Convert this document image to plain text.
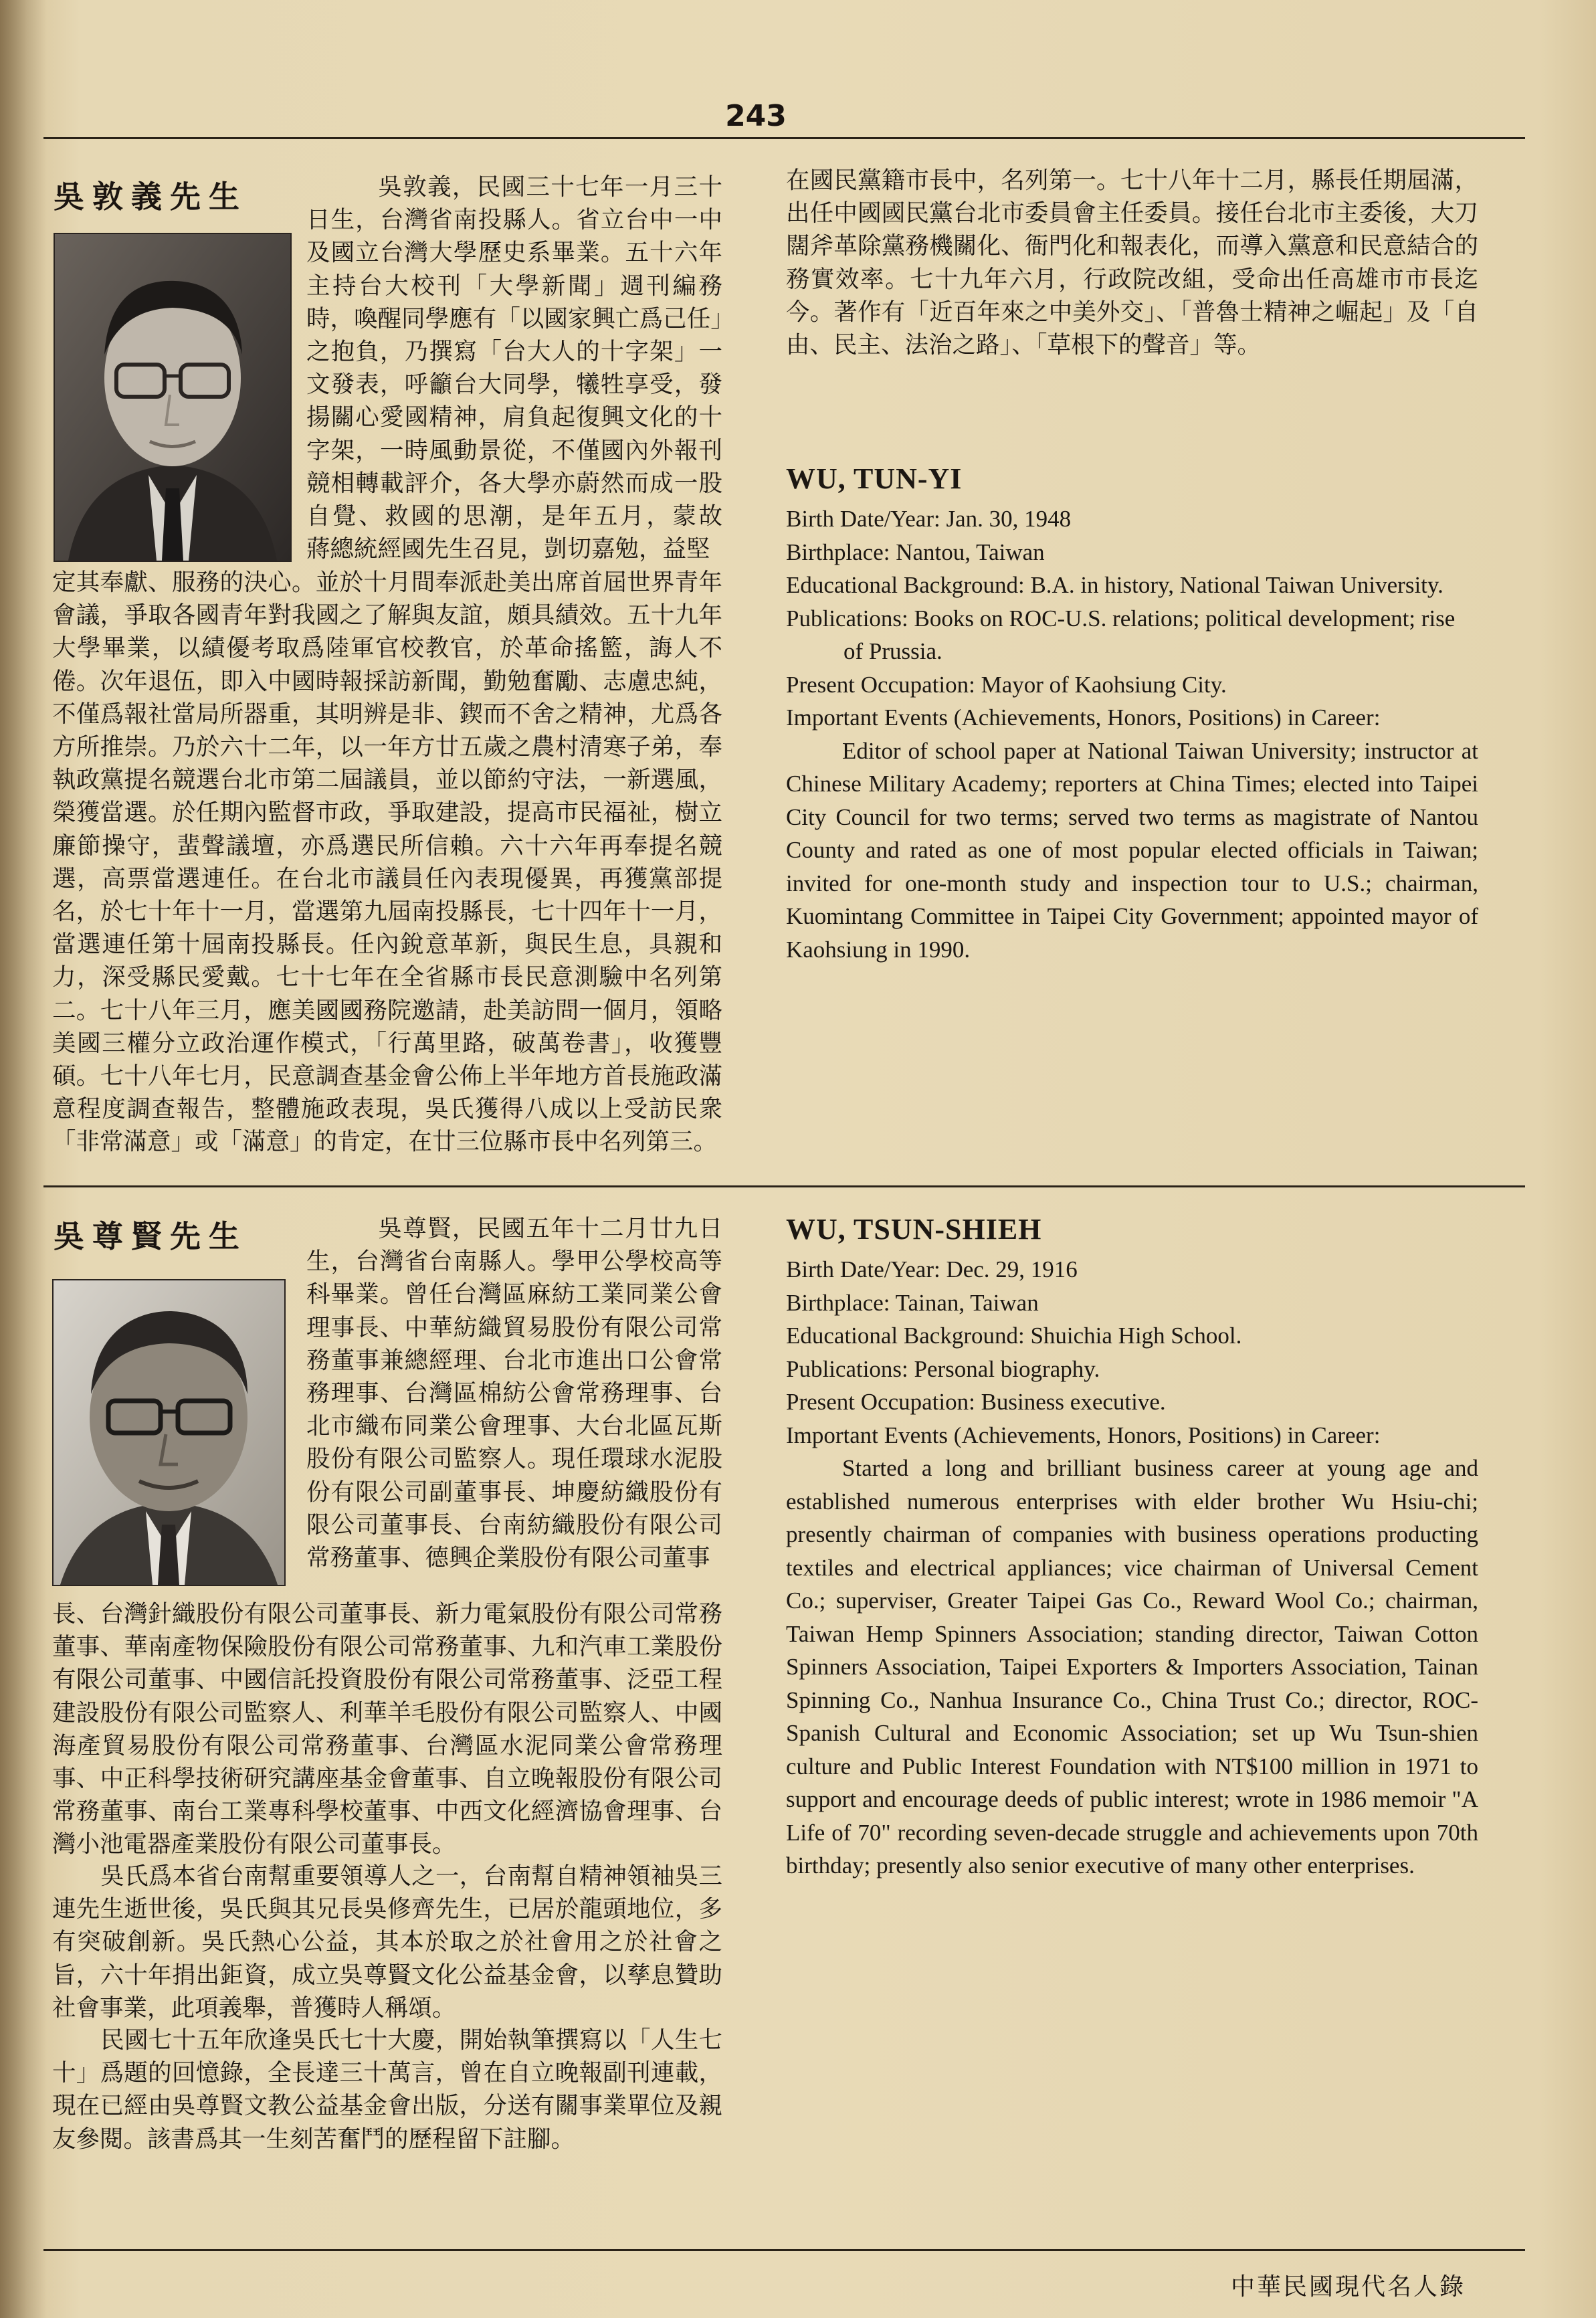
243
吳敦義先生	吳敦義，民國三十七年一月三十日生，台灣省南投縣人。省立台中一中及國立台灣大學歷史系畢業。五十六年主持台大校刊「大學新聞」週刊編務時，喚醒同學應有「以國家興亡爲己任」之抱負，乃撰寫「台大人的十字架」一文發表，呼籲台大同學，犧牲享受，發揚關心愛國精神，肩負起復興文化的十字架，一時風動景從，不僅國內外報刊競相轉載評介，各大學亦蔚然而成一股自覺、救國的思潮，是年五月，蒙故　蔣總統經國先生召見，剴切嘉勉，益堅
WU, TUN-YI
Birth Date/Year: Jan. 30, 1948
Birthplace: Nantou, Taiwan
Educational Background: B.A. in history, National Taiwan University.
Publications: Books on ROC-U.S. relations; political development; rise of Prussia.
Present Occupation: Mayor of Kaohsiung City.
Important Events (Achievements, Honors, Positions) in Career:
Editor of school paper at National Taiwan University; instructor at Chinese Military Academy; reporters at China Times; elected into Taipei City Council for two terms; served two terms as magistrate of Nantou County and rated as one of most popular elected officials in Taiwan; invited for one-month study and inspection tour to U.S.; chairman, Kuomintang Committee in Taipei City Government; appointed mayor of Kaohsiung in 1990.
吳尊賢先生	吳尊賢，民國五年十二月廿九日生，台灣省台南縣人。學甲公學校高等科畢業。曾任台灣區麻紡工業同業公會理事長、中華紡織貿易股份有限公司常務董事兼總經理、台北市進出口公會常務理事、台灣區棉紡公會常務理事、台北市織布同業公會理事、大台北區瓦斯股份有限公司監察人。現任環球水泥股份有限公司副董事長、坤慶紡織股份有限公司董事長、台南紡織股份有限公司常務董事、德興企業股份有限公司董事
長、台灣針織股份有限公司董事長、新力電氣股份有限公司常務董事、華南產物保險股份有限公司常務董事、九和汽車工業股份有限公司董事、中國信託投資股份有限公司常務董事、泛亞工程建設股份有限公司監察人、利華羊毛股份有限公司監察人、中國海產貿易股份有限公司常務董事、台灣區水泥同業公會常務理事、中正科學技術研究講座基金會董事、自立晚報股份有限公司常務董事、南台工業專科學校董事、中西文化經濟協會理事、台灣小池電器產業股份有限公司董事長。
吳氏爲本省台南幫重要領導人之一，台南幫自精神領袖吳三連先生逝世後，吳氏與其兄長吳修齊先生，已居於龍頭地位，多有突破創新。吳氏熱心公益，其本於取之於社會用之於社會之旨，六十年捐出鉅資，成立吳尊賢文化公益基金會，以孳息贊助社會事業，此項義舉，普獲時人稱頌。
民國七十五年欣逢吳氏七十大慶，開始執筆撰寫以「人生七十」爲題的回憶錄，全長達三十萬言，曾在自立晚報副刊連載，現在已經由吳尊賢文教公益基金會出版，分送有關事業單位及親友參閱。該書爲其一生刻苦奮鬥的歷程留下註腳。
WU, TSUN-SHIEH
Birth Date/Year: Dec. 29, 1916
Birthplace: Tainan, Taiwan
Educational Background: Shuichia High School.
Publications: Personal biography.
Present Occupation: Business executive.
Important Events (Achievements, Honors, Positions) in Career:
Started a long and brilliant business career at young age and established numerous enterprises with elder brother Wu Hsiu-chi; presently chairman of companies with business operations producting textiles and electrical appliances; vice chairman of Universal Cement Co.; superviser, Greater Taipei Gas Co., Reward Wool Co.; chairman, Taiwan Hemp Spinners Association; standing director, Taiwan Cotton Spinners Association, Taipei Exporters & Importers Association, Tainan Spinning Co., Nanhua Insurance Co., China Trust Co.; director, ROC-Spanish Cultural and Economic Association; set up Wu Tsun-shien culture and Public Interest Foundation with NT$100 million in 1971 to support and encourage deeds of public interest; wrote in 1986 memoir "A Life of 70" recording seven-decade struggle and achievements upon 70th birthday; presently also senior executive of many other enterprises.
中華民國現代名人錄
定其奉獻、服務的決心。並於十月間奉派赴美出席首屆世界青年會議，爭取各國青年對我國之了解與友誼，頗具績效。五十九年大學畢業，以績優考取爲陸軍官校教官，於革命搖籃，誨人不倦。次年退伍，即入中國時報採訪新聞，勤勉奮勵、志慮忠純，不僅爲報社當局所器重，其明辨是非、鍥而不舍之精神，尤爲各方所推崇。乃於六十二年，以一年方廿五歲之農村清寒子弟，奉執政黨提名競選台北市第二屆議員，並以節約守法，一新選風，榮獲當選。於任期內監督市政，爭取建設，提高市民福祉，樹立廉節操守，蜚聲議壇，亦爲選民所信賴。六十六年再奉提名競選，高票當選連任。在台北市議員任內表現優異，再獲黨部提名，於七十年十一月，當選第九屆南投縣長，七十四年十一月，當選連任第十屆南投縣長。任內銳意革新，與民生息，具親和力，深受縣民愛戴。七十七年在全省縣市長民意測驗中名列第二。七十八年三月，應美國國務院邀請，赴美訪問一個月，領略美國三權分立政治運作模式，「行萬里路，破萬卷書」，收獲豐碩。七十八年七月，民意調查基金會公佈上半年地方首長施政滿意程度調查報告，整體施政表現，吳氏獲得八成以上受訪民衆「非常滿意」或「滿意」的肯定，在廿三位縣市長中名列第三。
在國民黨籍市長中，名列第一。七十八年十二月，縣長任期屆滿，出任中國國民黨台北市委員會主任委員。接任台北市主委後，大刀闊斧革除黨務機關化、衙門化和報表化，而導入黨意和民意結合的務實效率。七十九年六月，行政院改組，受命出任高雄市市長迄今。著作有「近百年來之中美外交」、「普魯士精神之崛起」及「自由、民主、法治之路」、「草根下的聲音」等。
